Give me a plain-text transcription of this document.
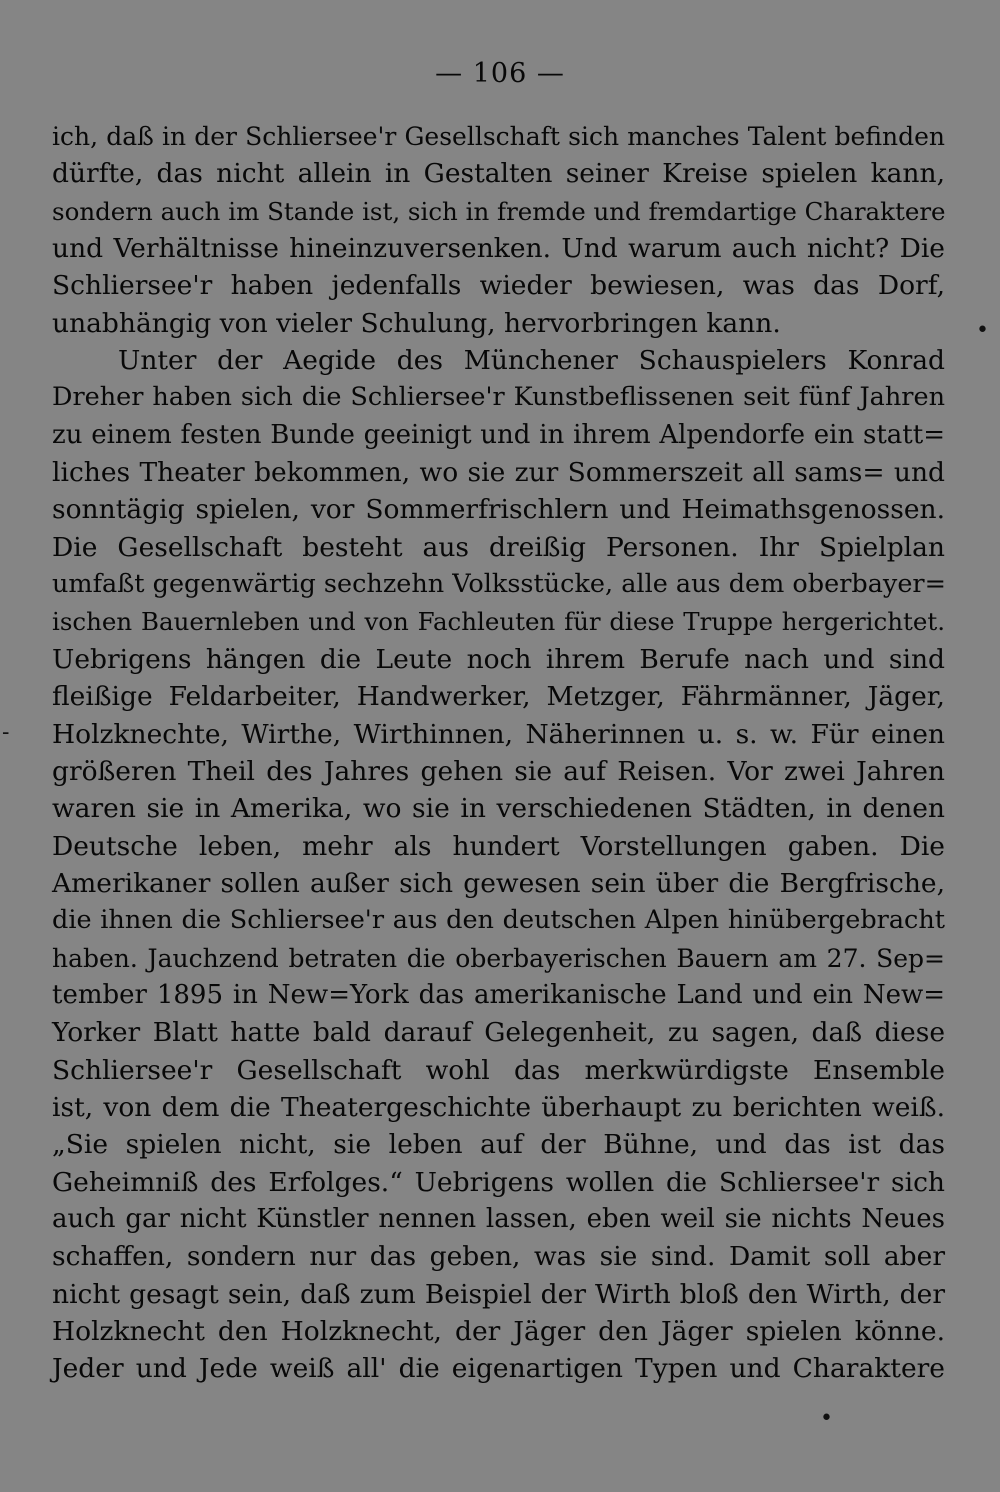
— 106 —
ich, daß in der Schliersee'r Gesellschaft sich manches Talent befinden
dürfte, das nicht allein in Gestalten seiner Kreise spielen kann,
sondern auch im Stande ist, sich in fremde und fremdartige Charaktere
und Verhältnisse hineinzuversenken. Und warum auch nicht? Die
Schliersee'r haben jedenfalls wieder bewiesen, was das Dorf,
unabhängig von vieler Schulung, hervorbringen kann.
Unter der Aegide des Münchener Schauspielers Konrad
Dreher haben sich die Schliersee'r Kunstbeflissenen seit fünf Jahren
zu einem festen Bunde geeinigt und in ihrem Alpendorfe ein statt=
liches Theater bekommen, wo sie zur Sommerszeit all sams= und
sonntägig spielen, vor Sommerfrischlern und Heimathsgenossen.
Die Gesellschaft besteht aus dreißig Personen. Ihr Spielplan
umfaßt gegenwärtig sechzehn Volksstücke, alle aus dem oberbayer=
ischen Bauernleben und von Fachleuten für diese Truppe hergerichtet.
Uebrigens hängen die Leute noch ihrem Berufe nach und sind
fleißige Feldarbeiter, Handwerker, Metzger, Fährmänner, Jäger,
Holzknechte, Wirthe, Wirthinnen, Näherinnen u. s. w. Für einen
größeren Theil des Jahres gehen sie auf Reisen. Vor zwei Jahren
waren sie in Amerika, wo sie in verschiedenen Städten, in denen
Deutsche leben, mehr als hundert Vorstellungen gaben. Die
Amerikaner sollen außer sich gewesen sein über die Bergfrische,
die ihnen die Schliersee'r aus den deutschen Alpen hinübergebracht
haben. Jauchzend betraten die oberbayerischen Bauern am 27. Sep=
tember 1895 in New=York das amerikanische Land und ein New=
Yorker Blatt hatte bald darauf Gelegenheit, zu sagen, daß diese
Schliersee'r Gesellschaft wohl das merkwürdigste Ensemble
ist, von dem die Theatergeschichte überhaupt zu berichten weiß.
„Sie spielen nicht, sie leben auf der Bühne, und das ist das
Geheimniß des Erfolges.“ Uebrigens wollen die Schliersee'r sich
auch gar nicht Künstler nennen lassen, eben weil sie nichts Neues
schaffen, sondern nur das geben, was sie sind. Damit soll aber
nicht gesagt sein, daß zum Beispiel der Wirth bloß den Wirth, der
Holzknecht den Holzknecht, der Jäger den Jäger spielen könne.
Jeder und Jede weiß all' die eigenartigen Typen und Charaktere
•
-
•
